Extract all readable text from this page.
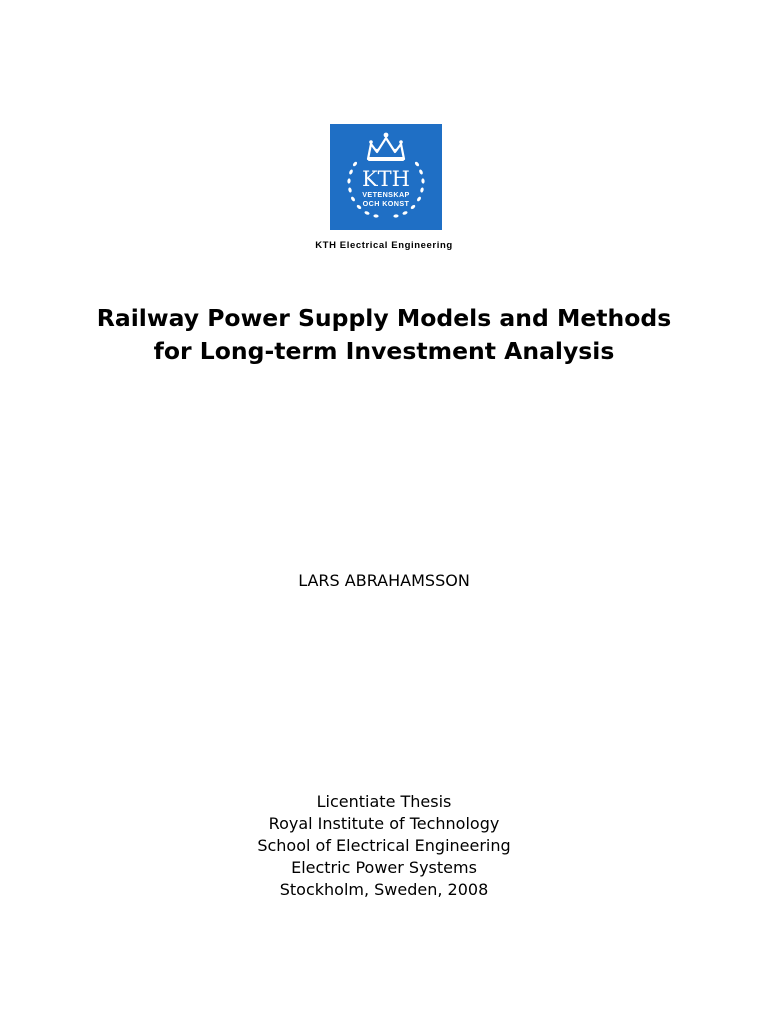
KTH
VETENSKAP
OCH KONST
KTH Electrical Engineering
Railway Power Supply Models and Methods
for Long-term Investment Analysis
LARS ABRAHAMSSON
Licentiate Thesis
Royal Institute of Technology
School of Electrical Engineering
Electric Power Systems
Stockholm, Sweden, 2008
